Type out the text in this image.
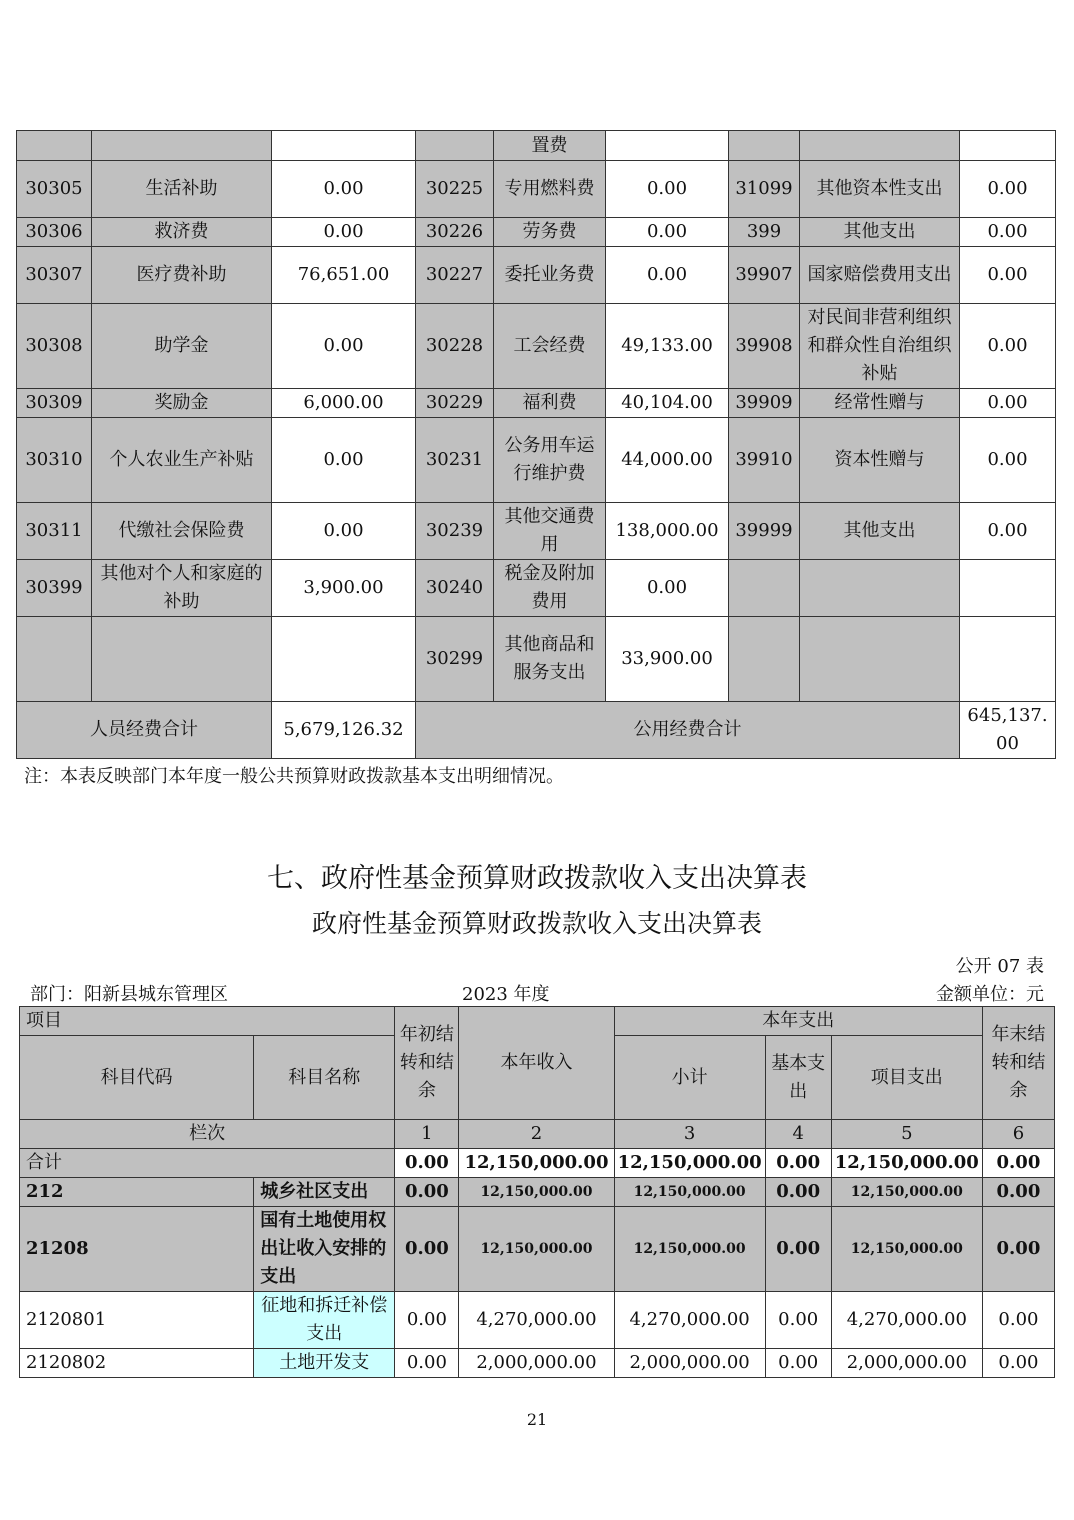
				置费				
30305	生活补助	0.00	30225	专用燃料费	0.00	31099	其他资本性支出	0.00
30306	救济费	0.00	30226	劳务费	0.00	399	其他支出	0.00
30307	医疗费补助	76,651.00	30227	委托业务费	0.00	39907	国家赔偿费用支出	0.00
30308	助学金	0.00	30228	工会经费	49,133.00	39908	对民间非营利组织和群众性自治组织补贴	0.00
30309	奖励金	6,000.00	30229	福利费	40,104.00	39909	经常性赠与	0.00
30310	个人农业生产补贴	0.00	30231	公务用车运行维护费	44,000.00	39910	资本性赠与	0.00
30311	代缴社会保险费	0.00	30239	其他交通费用	138,000.00	39999	其他支出	0.00
30399	其他对个人和家庭的补助	3,900.00	30240	税金及附加费用	0.00			
			30299	其他商品和服务支出	33,900.00			
人员经费合计		5,679,126.32	公用经费合计					645,137.00
注：本表反映部门本年度一般公共预算财政拨款基本支出明细情况。
七、政府性基金预算财政拨款收入支出决算表
政府性基金预算财政拨款收入支出决算表
公开 07 表
部门：阳新县城东管理区	2023 年度	金额单位：元
项目		年初结转和结余	本年收入	本年支出			年末结转和结余
科目代码	科目名称			小计	基本支出	项目支出	
栏次		1	2	3	4	5	6
合计		0.00	12,150,000.00	12,150,000.00	0.00	12,150,000.00	0.00
212	城乡社区支出	0.00	12,150,000.00	12,150,000.00	0.00	12,150,000.00	0.00
21208	国有土地使用权出让收入安排的支出	0.00	12,150,000.00	12,150,000.00	0.00	12,150,000.00	0.00
2120801	征地和拆迁补偿支出	0.00	4,270,000.00	4,270,000.00	0.00	4,270,000.00	0.00
2120802	土地开发支	0.00	2,000,000.00	2,000,000.00	0.00	2,000,000.00	0.00
21
